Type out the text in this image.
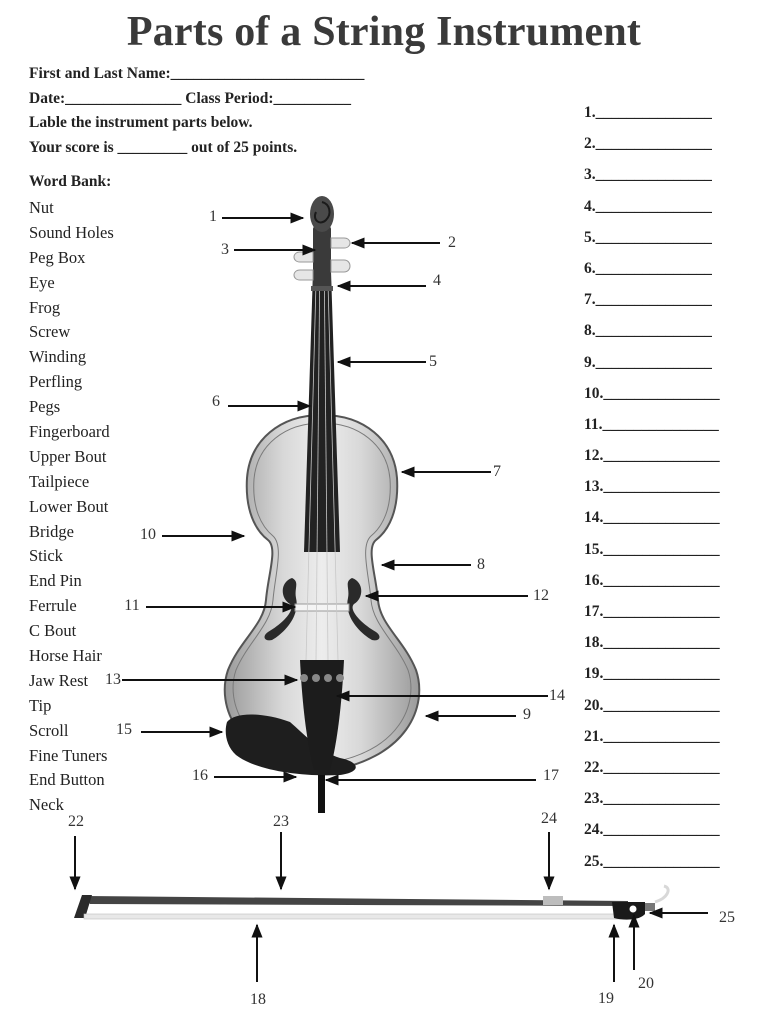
Parts of a String Instrument
First and Last Name:_________________________
Date:_______________ Class Period:__________
Lable the instrument parts below.
Your score is _________ out of 25 points.
Word Bank:
Nut
Sound Holes
Peg Box
Eye
Frog
Screw
Winding
Perfling
Pegs
Fingerboard
Upper Bout
Tailpiece
Lower Bout
Bridge
Stick
End Pin
Ferrule
C Bout
Horse Hair
Jaw Rest
Tip
Scroll
Fine Tuners
End Button
Neck
1._______________
2._______________
3._______________
4._______________
5._______________
6._______________
7._______________
8._______________
9._______________
10._______________
11._______________
12._______________
13._______________
14._______________
15._______________
16._______________
17._______________
18._______________
19._______________
20._______________
21._______________
22._______________
23._______________
24._______________
25._______________
1
2
3
4
5
6
7
8
9
10
11
12
13
14
15
16	17
18	19
20
22	23	24
25
